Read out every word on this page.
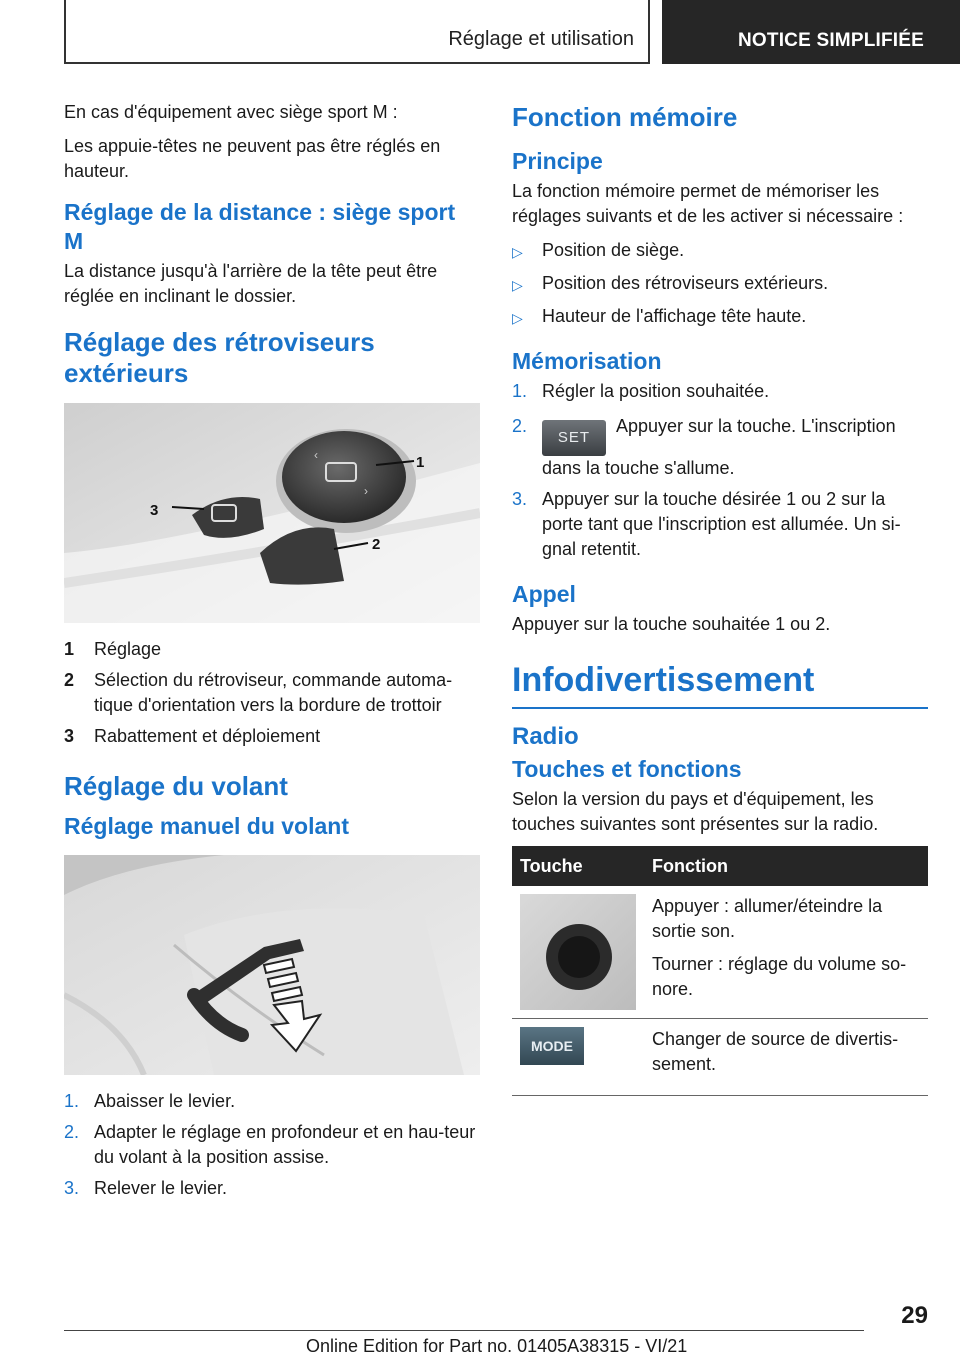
Réglage et utilisation	NOTICE SIMPLIFIÉE

En cas d'équipement avec siège sport M :

Les appuie-têtes ne peuvent pas être réglés en hauteur.

Réglage de la distance : siège sport M

La distance jusqu'à l'arrière de la tête peut être réglée en inclinant le dossier.

Réglage des rétroviseurs extérieurs
‹
›
1
2
3
1	Réglage
2	Sélection du rétroviseur, commande automa-tique d'orientation vers la bordure de trottoir
3	Rabattement et déploiement
Réglage du volant
Réglage manuel du volant
1. Abaisser le levier.
2. Adapter le réglage en profondeur et en hau-teur du volant à la position assise.
3. Relever le levier.
Fonction mémoire
Principe

La fonction mémoire permet de mémoriser les réglages suivants et de les activer si nécessaire :

▷	Position de siège.
▷	Position des rétroviseurs extérieurs.
▷	Hauteur de l'affichage tête haute.
Mémorisation
1. Régler la position souhaitée.
2.
SETAppuyer sur la touche. L'inscription dans la touche s'allume.
3. Appuyer sur la touche désirée 1 ou 2 sur la porte tant que l'inscription est allumée. Un si-gnal retentit.
Appel

Appuyer sur la touche souhaitée 1 ou 2.

Infodivertissement
Radio
Touches et fonctions

Selon la version du pays et d'équipement, les touches suivantes sont présentes sur la radio.

Touche	Fonction

	Appuyer : allumer/éteindre la sortie son.

Tourner : réglage du volume so-nore.

MODE	Changer de source de divertis-sement.

29
Online Edition for Part no. 01405A38315 - VI/21
